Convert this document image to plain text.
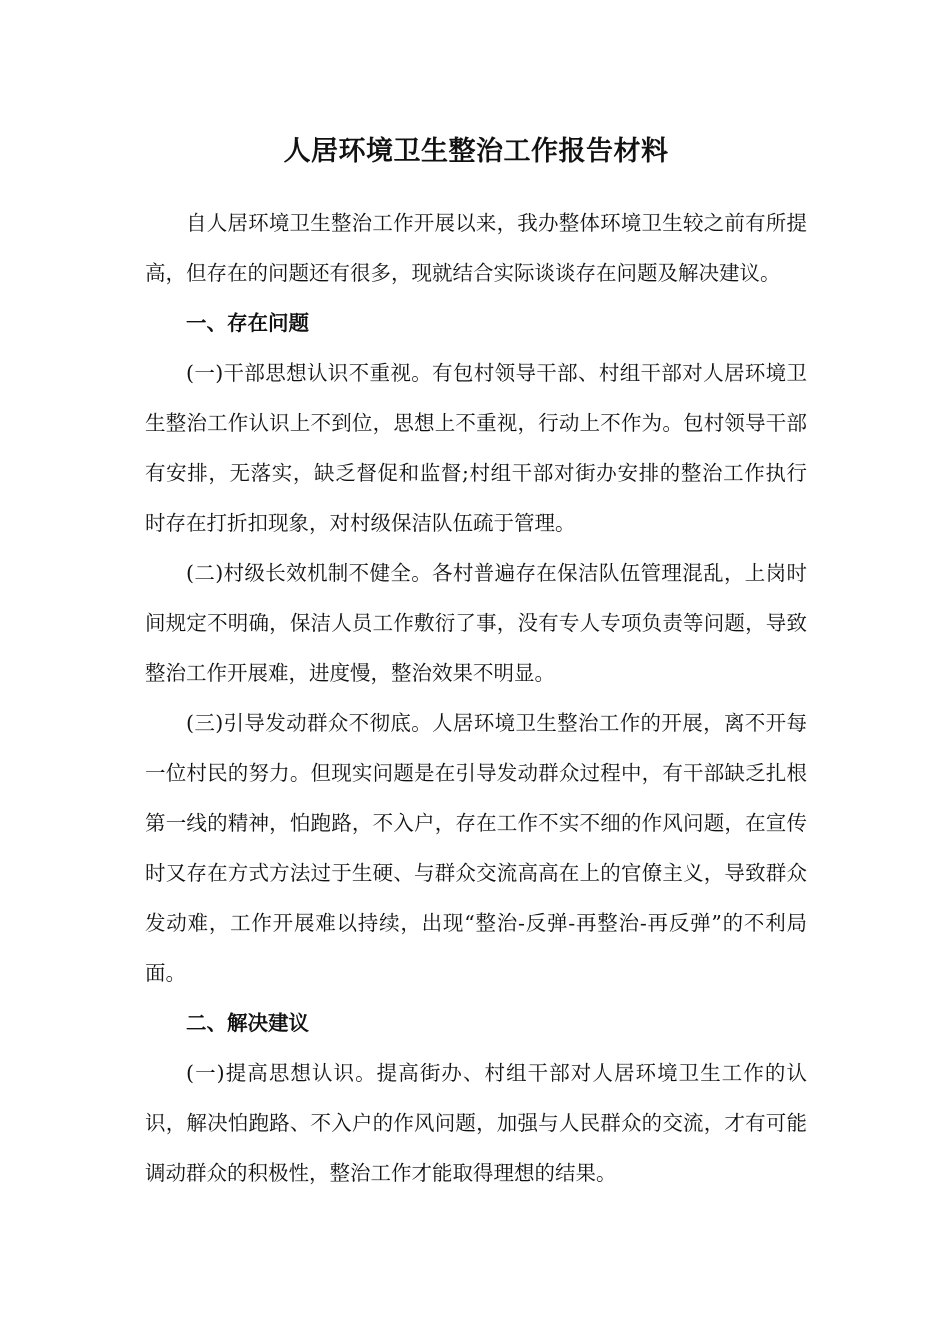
人居环境卫生整治工作报告材料

自人居环境卫生整治工作开展以来，我办整体环境卫生较之前有所提高，但存在的问题还有很多，现就结合实际谈谈存在问题及解决建议。

一、存在问题

(一)干部思想认识不重视。有包村领导干部、村组干部对人居环境卫生整治工作认识上不到位，思想上不重视，行动上不作为。包村领导干部有安排，无落实，缺乏督促和监督;村组干部对街办安排的整治工作执行时存在打折扣现象，对村级保洁队伍疏于管理。

(二)村级长效机制不健全。各村普遍存在保洁队伍管理混乱，上岗时间规定不明确，保洁人员工作敷衍了事，没有专人专项负责等问题，导致整治工作开展难，进度慢，整治效果不明显。

(三)引导发动群众不彻底。人居环境卫生整治工作的开展，离不开每一位村民的努力。但现实问题是在引导发动群众过程中，有干部缺乏扎根第一线的精神，怕跑路，不入户，存在工作不实不细的作风问题，在宣传时又存在方式方法过于生硬、与群众交流高高在上的官僚主义，导致群众发动难，工作开展难以持续，出现“整治-反弹-再整治-再反弹”的不利局面。

二、解决建议

(一)提高思想认识。提高街办、村组干部对人居环境卫生工作的认识，解决怕跑路、不入户的作风问题，加强与人民群众的交流，才有可能调动群众的积极性，整治工作才能取得理想的结果。
